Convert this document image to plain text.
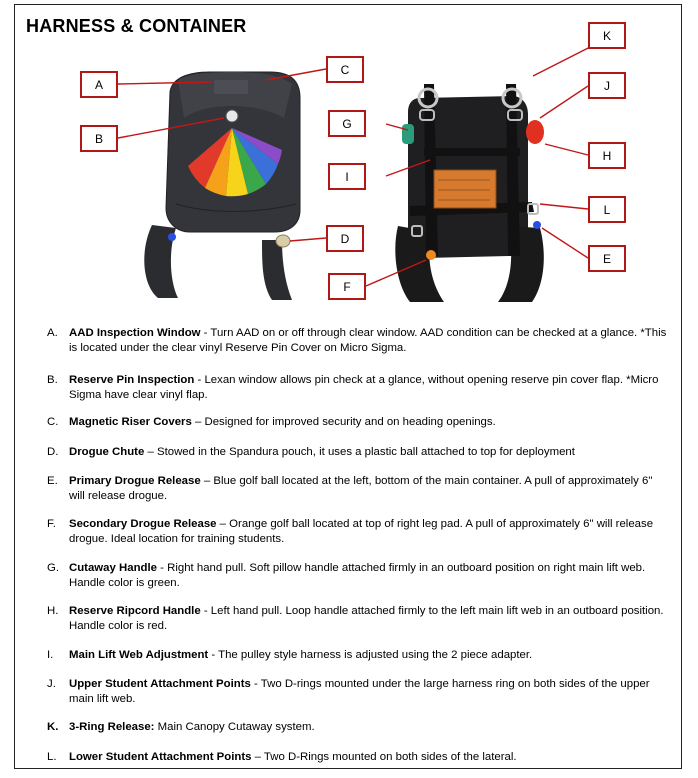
HARNESS & CONTAINER
A
B
C
D
E
F
G
H
I
J
K
L
A. AAD Inspection Window - Turn AAD on or off through clear window. AAD condition can be checked at a glance. *This is located under the clear vinyl Reserve Pin Cover on Micro Sigma.
B. Reserve Pin Inspection - Lexan window allows pin check at a glance, without opening reserve pin cover flap. *Micro Sigma have clear vinyl flap.
C. Magnetic Riser Covers – Designed for improved security and on heading openings.
D. Drogue Chute – Stowed in the Spandura pouch, it uses a plastic ball attached to top for deployment
E. Primary Drogue Release – Blue golf ball located at the left, bottom of the main container. A pull of approximately 6" will release drogue.
F. Secondary Drogue Release – Orange golf ball located at top of right leg pad. A pull of approximately 6" will release drogue. Ideal location for training students.
G. Cutaway Handle - Right hand pull. Soft pillow handle attached firmly in an outboard position on right main lift web. Handle color is green.
H. Reserve Ripcord Handle - Left hand pull. Loop handle attached firmly to the left main lift web in an outboard position. Handle color is red.
I. Main Lift Web Adjustment - The pulley style harness is adjusted using the 2 piece adapter.
J. Upper Student Attachment Points - Two D-rings mounted under the large harness ring on both sides of the upper main lift web.
K. 3-Ring Release: Main Canopy Cutaway system.
L. Lower Student Attachment Points – Two D-Rings mounted on both sides of the lateral.
